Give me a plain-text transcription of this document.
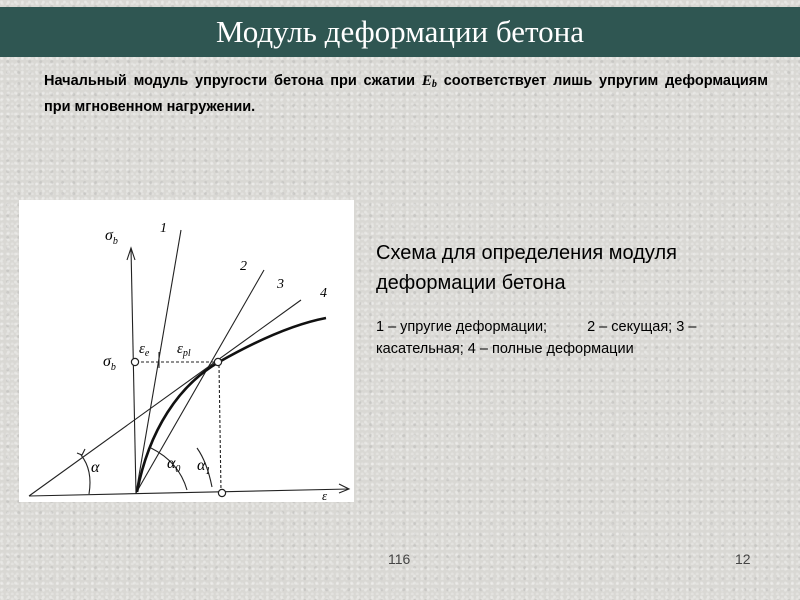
Модуль деформации бетона
Начальный модуль упругости бетона при сжатии $E_b$ соответствует лишь упругим деформациям при мгновенном нагружении.
$\sigma_b$
$\sigma_b$
$\varepsilon_e$ $\varepsilon_{pl}$
1
2
3
4
α	$\alpha_0$ $\alpha_1$
ε
Схема для определения модуля деформации бетона
1 – упругие деформации;	2 – секущая; 3 – касательная; 4 – полные деформации
116	12
